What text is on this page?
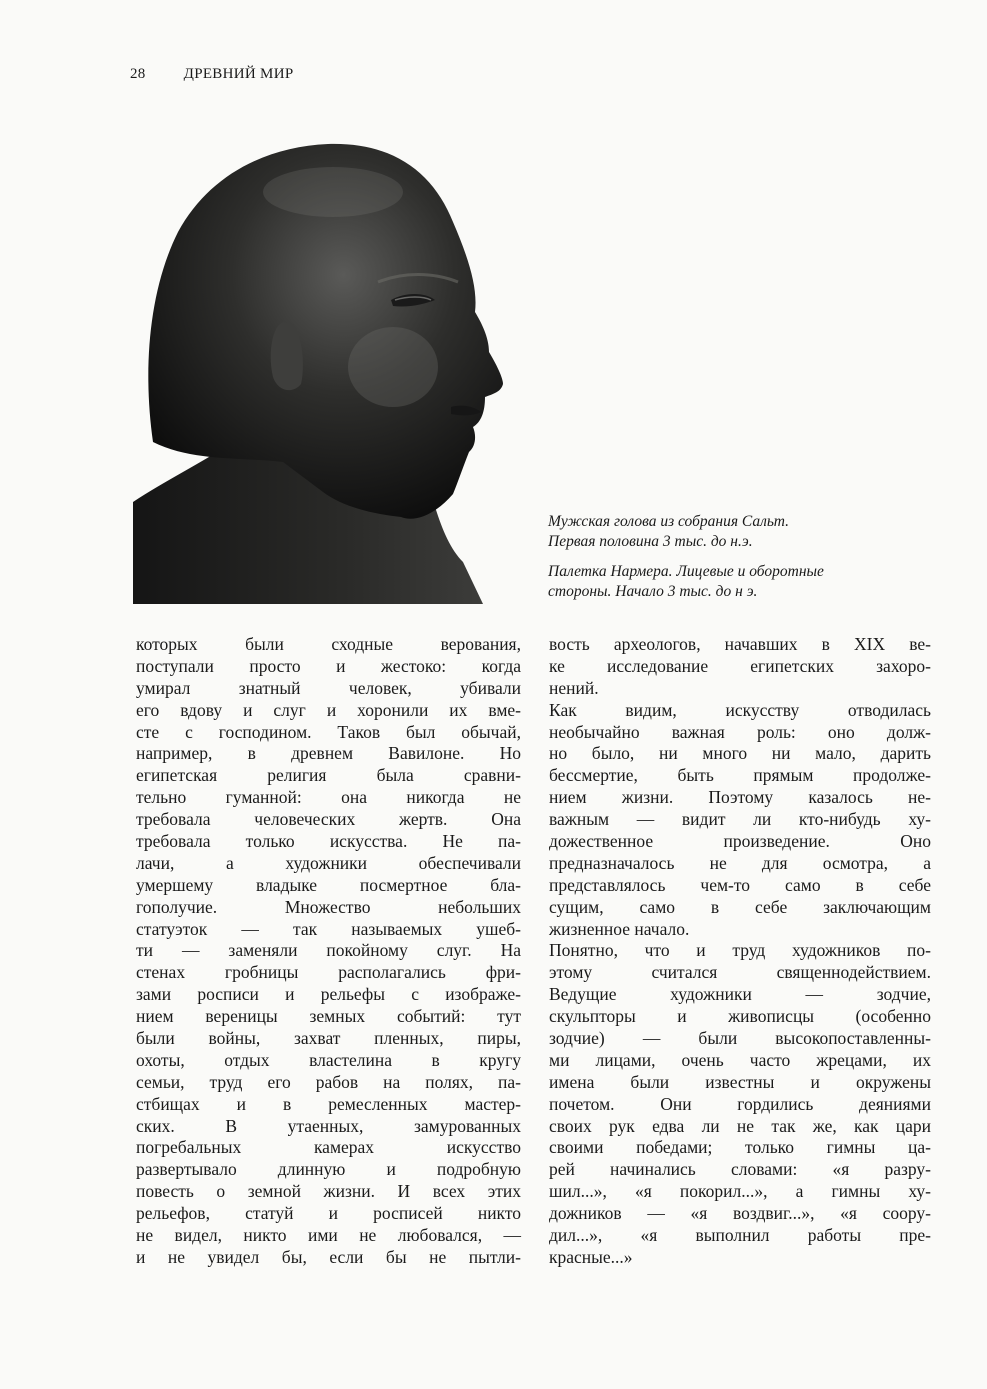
28	ДРЕВНИЙ МИР
Мужская голова из собрания Сальт.
Первая половина 3 тыс. до н.э.
Палетка Нармера. Лицевые и оборотные
стороны. Начало 3 тыс. до н э.
которых были сходные верования,
поступали просто и жестоко: когда
умирал знатный человек, убивали
его вдову и слуг и хоронили их вме-
сте с господином. Таков был обычай,
например, в древнем Вавилоне. Но
египетская религия была сравни-
тельно гуманной: она никогда не
требовала человеческих жертв. Она
требовала только искусства. Не па-
лачи, а художники обеспечивали
умершему владыке посмертное бла-
гополучие. Множество небольших
статуэток — так называемых ушеб-
ти — заменяли покойному слуг. На
стенах гробницы располагались фри-
зами росписи и рельефы с изображе-
нием вереницы земных событий: тут
были войны, захват пленных, пиры,
охоты, отдых властелина в кругу
семьи, труд его рабов на полях, па-
стбищах и в ремесленных мастер-
ских. В утаенных, замурованных
погребальных камерах искусство
развертывало длинную и подробную
повесть о земной жизни. И всех этих
рельефов, статуй и росписей никто
не видел, никто ими не любовался, —
и не увидел бы, если бы не пытли-
вость археологов, начавших в XIX ве-
ке исследование египетских захоро-
нений.
Как видим, искусству отводилась
необычайно важная роль: оно долж-
но было, ни много ни мало, дарить
бессмертие, быть прямым продолже-
нием жизни. Поэтому казалось не-
важным — видит ли кто-нибудь ху-
дожественное произведение. Оно
предназначалось не для осмотра, а
представлялось чем-то само в себе
сущим, само в себе заключающим
жизненное начало.
Понятно, что и труд художников по-
этому считался священнодействием.
Ведущие художники — зодчие,
скульпторы и живописцы (особенно
зодчие) — были высокопоставленны-
ми лицами, очень часто жрецами, их
имена были известны и окружены
почетом. Они гордились деяниями
своих рук едва ли не так же, как цари
своими победами; только гимны ца-
рей начинались словами: «я разру-
шил...», «я покорил...», а гимны ху-
дожников — «я воздвиг...», «я соору-
дил...», «я выполнил работы пре-
красные...»
